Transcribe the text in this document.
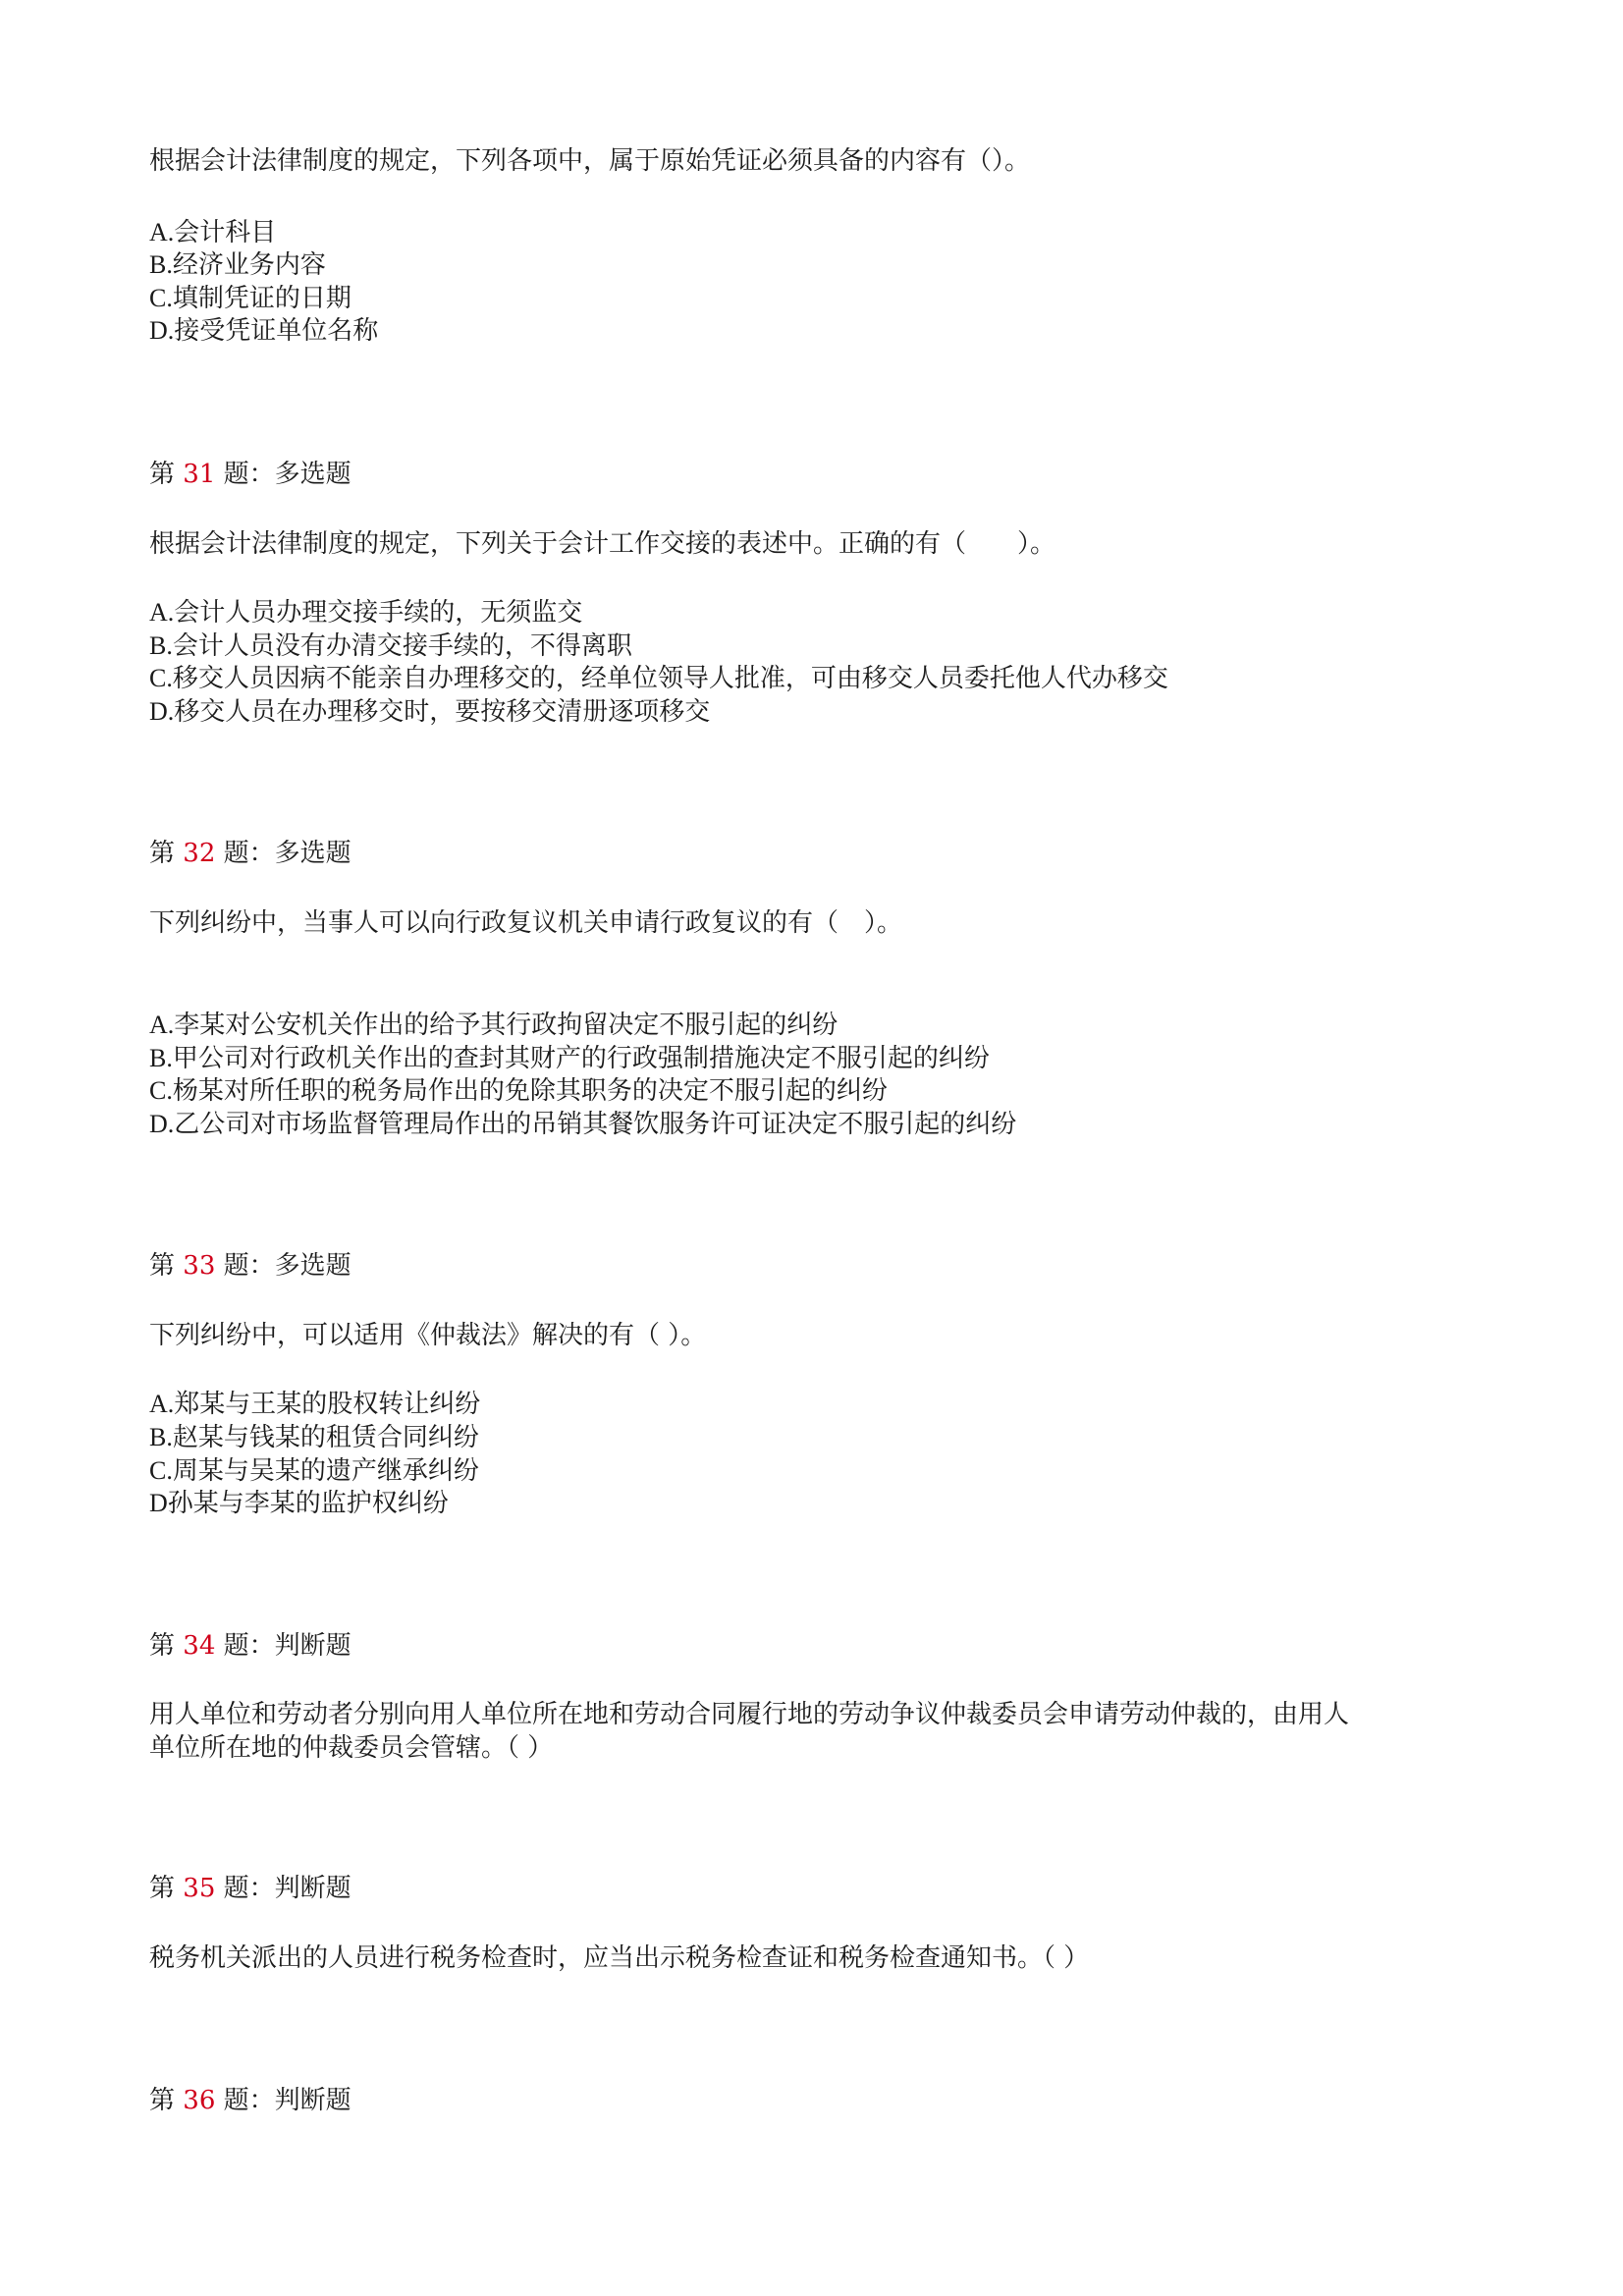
根据会计法律制度的规定，下列各项中，属于原始凭证必须具备的内容有（）。
A.会计科目
B.经济业务内容
C.填制凭证的日期
D.接受凭证单位名称
第 31 题：多选题
根据会计法律制度的规定，下列关于会计工作交接的表述中。正确的有（　　）。
A.会计人员办理交接手续的，无须监交
B.会计人员没有办清交接手续的，不得离职
C.移交人员因病不能亲自办理移交的，经单位领导人批准，可由移交人员委托他人代办移交
D.移交人员在办理移交时，要按移交清册逐项移交
第 32 题：多选题
下列纠纷中，当事人可以向行政复议机关申请行政复议的有（　）。
A.李某对公安机关作出的给予其行政拘留决定不服引起的纠纷
B.甲公司对行政机关作出的查封其财产的行政强制措施决定不服引起的纠纷
C.杨某对所任职的税务局作出的免除其职务的决定不服引起的纠纷
D.乙公司对市场监督管理局作出的吊销其餐饮服务许可证决定不服引起的纠纷
第 33 题：多选题
下列纠纷中，可以适用《仲裁法》解决的有（ ）。
A.郑某与王某的股权转让纠纷
B.赵某与钱某的租赁合同纠纷
C.周某与吴某的遗产继承纠纷
D孙某与李某的监护权纠纷
第 34 题：判断题
用人单位和劳动者分别向用人单位所在地和劳动合同履行地的劳动争议仲裁委员会申请劳动仲裁的，由用人
单位所在地的仲裁委员会管辖。（ ）
第 35 题：判断题
税务机关派出的人员进行税务检查时，应当出示税务检查证和税务检查通知书。（ ）
第 36 题：判断题
